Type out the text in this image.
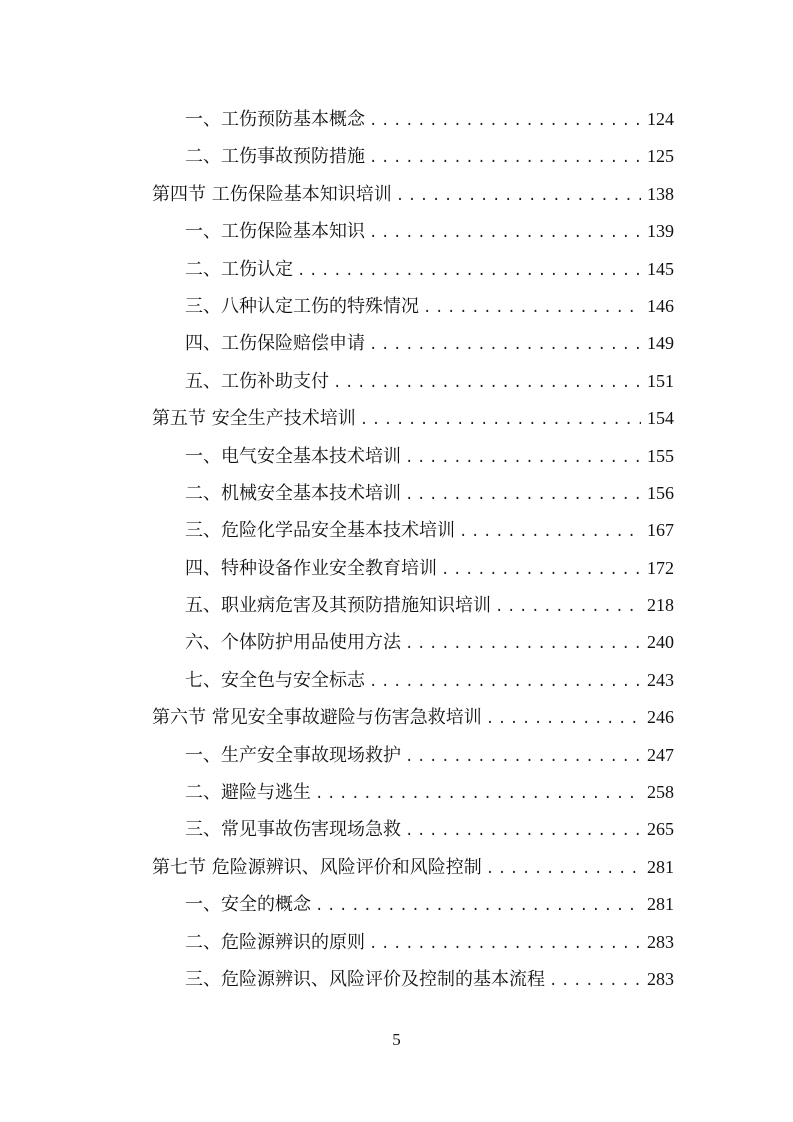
一、工伤预防基本概念 .....	124
二、工伤事故预防措施 .....	125
第四节 工伤保险基本知识培训 .....	138
一、工伤保险基本知识 .....	139
二、工伤认定 .....	145
三、八种认定工伤的特殊情况 .....	146
四、工伤保险赔偿申请 .....	149
五、工伤补助支付 .....	151
第五节 安全生产技术培训 .....	154
一、电气安全基本技术培训 .....	155
二、机械安全基本技术培训 .....	156
三、危险化学品安全基本技术培训 .....	167
四、特种设备作业安全教育培训 .....	172
五、职业病危害及其预防措施知识培训 .....	218
六、个体防护用品使用方法 .....	240
七、安全色与安全标志 .....	243
第六节 常见安全事故避险与伤害急救培训 .....	246
一、生产安全事故现场救护 .....	247
二、避险与逃生 .....	258
三、常见事故伤害现场急救 .....	265
第七节 危险源辨识、风险评价和风险控制 .....	281
一、安全的概念 .....	281
二、危险源辨识的原则 .....	283
三、危险源辨识、风险评价及控制的基本流程 .....	283
5
